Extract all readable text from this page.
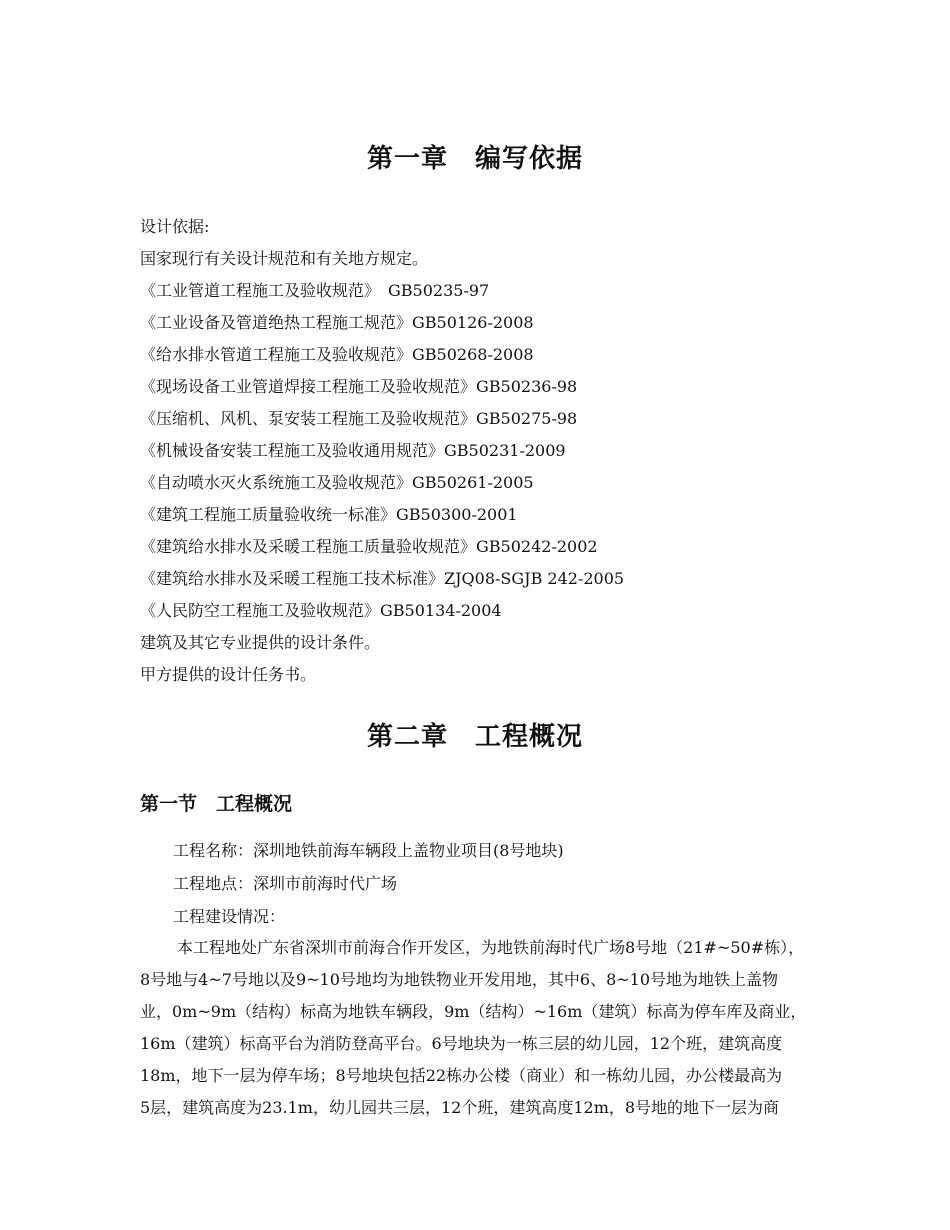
第一章　编写依据
设计依据:
国家现行有关设计规范和有关地方规定。
《工业管道工程施工及验收规范》　GB50235-97
《工业设备及管道绝热工程施工规范》GB50126-2008
《给水排水管道工程施工及验收规范》GB50268-2008
《现场设备工业管道焊接工程施工及验收规范》GB50236-98
《压缩机、风机、泵安装工程施工及验收规范》GB50275-98
《机械设备安装工程施工及验收通用规范》GB50231-2009
《自动喷水灭火系统施工及验收规范》GB50261-2005
《建筑工程施工质量验收统一标准》GB50300-2001
《建筑给水排水及采暖工程施工质量验收规范》GB50242-2002
《建筑给水排水及采暖工程施工技术标准》ZJQ08-SGJB 242-2005
《人民防空工程施工及验收规范》GB50134-2004
建筑及其它专业提供的设计条件。
甲方提供的设计任务书。
第二章　工程概况
第一节　工程概况

工程名称：深圳地铁前海车辆段上盖物业项目(8号地块)

工程地点：深圳市前海时代广场

工程建设情况：

本工程地处广东省深圳市前海合作开发区，为地铁前海时代广场8号地（21#~50#栋），
8号地与4~7号地以及9~10号地均为地铁物业开发用地，其中6、8~10号地为地铁上盖物
业，0m~9m（结构）标高为地铁车辆段，9m（结构）~16m（建筑）标高为停车库及商业，
16m（建筑）标高平台为消防登高平台。6号地块为一栋三层的幼儿园，12个班，建筑高度
18m，地下一层为停车场；8号地块包括22栋办公楼（商业）和一栋幼儿园，办公楼最高为
5层，建筑高度为23.1m，幼儿园共三层，12个班，建筑高度12m，8号地的地下一层为商
